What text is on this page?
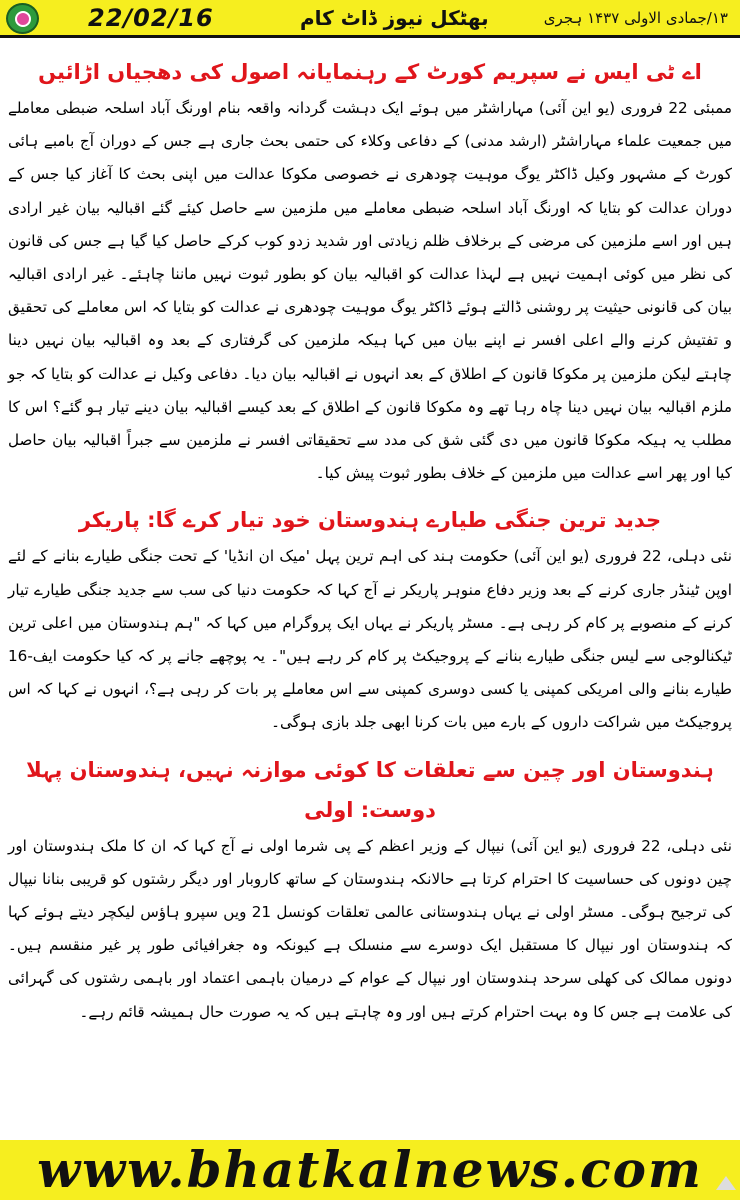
22/02/16	بھٹکل نیوز ڈاٹ کام	۱۳/جمادی الاولی ۱۴۳۷ ہجری
اے ٹی ایس نے سپریم کورٹ کے رہنمایانہ اصول کی دھجیاں اڑائیں

ممبئی 22 فروری (یو این آئی) مہاراشٹر میں ہوئے ایک دہشت گردانہ واقعہ بنام اورنگ آباد اسلحہ ضبطی معاملے میں جمعیت علماء مہاراشٹر (ارشد مدنی) کے دفاعی وکلاء کی حتمی بحث جاری ہے جس کے دوران آج بامبے ہائی کورٹ کے مشہور وکیل ڈاکٹر یوگ موہیت چودھری نے خصوصی مکوکا عدالت میں اپنی بحث کا آغاز کیا جس کے دوران عدالت کو بتایا کہ اورنگ آباد اسلحہ ضبطی معاملے میں ملزمین سے حاصل کیئے گئے اقبالیہ بیان غیر ارادی ہیں اور اسے ملزمین کی مرضی کے برخلاف ظلم زیادتی اور شدید زدو کوب کرکے حاصل کیا گیا ہے جس کی قانون کی نظر میں کوئی اہمیت نہیں ہے لہذا عدالت کو اقبالیہ بیان کو بطور ثبوت نہیں ماننا چاہئے۔ غیر ارادی اقبالیہ بیان کی قانونی حیثیت پر روشنی ڈالتے ہوئے ڈاکٹر یوگ موہیت چودھری نے عدالت کو بتایا کہ اس معاملے کی تحقیق و تفتیش کرنے والے اعلی افسر نے اپنے بیان میں کہا ہیکہ ملزمین کی گرفتاری کے بعد وہ اقبالیہ بیان نہیں دینا چاہتے لیکن ملزمین پر مکوکا قانون کے اطلاق کے بعد انہوں نے اقبالیہ بیان دیا۔ دفاعی وکیل نے عدالت کو بتایا کہ جو ملزم اقبالیہ بیان نہیں دینا چاہ رہا تھے وہ مکوکا قانون کے اطلاق کے بعد کیسے اقبالیہ بیان دینے تیار ہو گئے؟ اس کا مطلب یہ ہیکہ مکوکا قانون میں دی گئی شق کی مدد سے تحقیقاتی افسر نے ملزمین سے جبراً اقبالیہ بیان حاصل کیا اور پھر اسے عدالت میں ملزمین کے خلاف بطور ثبوت پیش کیا۔

جدید ترین جنگی طیارے ہندوستان خود تیار کرے گا: پاریکر

نئی دہلی، 22 فروری (یو این آئی) حکومت ہند کی اہم ترین پہل 'میک ان انڈیا' کے تحت جنگی طیارے بنانے کے لئے اوپن ٹینڈر جاری کرنے کے بعد وزیر دفاع منوہر پاریکر نے آج کہا کہ حکومت دنیا کی سب سے جدید جنگی طیارے تیار کرنے کے منصوبے پر کام کر رہی ہے۔ مسٹر پاریکر نے یہاں ایک پروگرام میں کہا کہ "ہم ہندوستان میں اعلی ترین ٹیکنالوجی سے لیس جنگی طیارے بنانے کے پروجیکٹ پر کام کر رہے ہیں"۔ یہ پوچھے جانے پر کہ کیا حکومت ایف-16 طیارے بنانے والی امریکی کمپنی یا کسی دوسری کمپنی سے اس معاملے پر بات کر رہی ہے؟، انہوں نے کہا کہ اس پروجیکٹ میں شراکت داروں کے بارے میں بات کرنا ابھی جلد بازی ہوگی۔

ہندوستان اور چین سے تعلقات کا کوئی موازنہ نہیں، ہندوستان پہلا دوست: اولی

نئی دہلی، 22 فروری (یو این آئی) نیپال کے وزیر اعظم کے پی شرما اولی نے آج کہا کہ ان کا ملک ہندوستان اور چین دونوں کی حساسیت کا احترام کرتا ہے حالانکہ ہندوستان کے ساتھ کاروبار اور دیگر رشتوں کو قریبی بنانا نیپال کی ترجیح ہوگی۔ مسٹر اولی نے یہاں ہندوستانی عالمی تعلقات کونسل 21 ویں سپرو ہاؤس لیکچر دیتے ہوئے کہا کہ ہندوستان اور نیپال کا مستقبل ایک دوسرے سے منسلک ہے کیونکہ وہ جغرافیائی طور پر غیر منقسم ہیں۔ دونوں ممالک کی کھلی سرحد ہندوستان اور نیپال کے عوام کے درمیان باہمی اعتماد اور باہمی رشتوں کی گہرائی کی علامت ہے جس کا وہ بہت احترام کرتے ہیں اور وہ چاہتے ہیں کہ یہ صورت حال ہمیشہ قائم رہے۔

www.bhatkalnews.com
